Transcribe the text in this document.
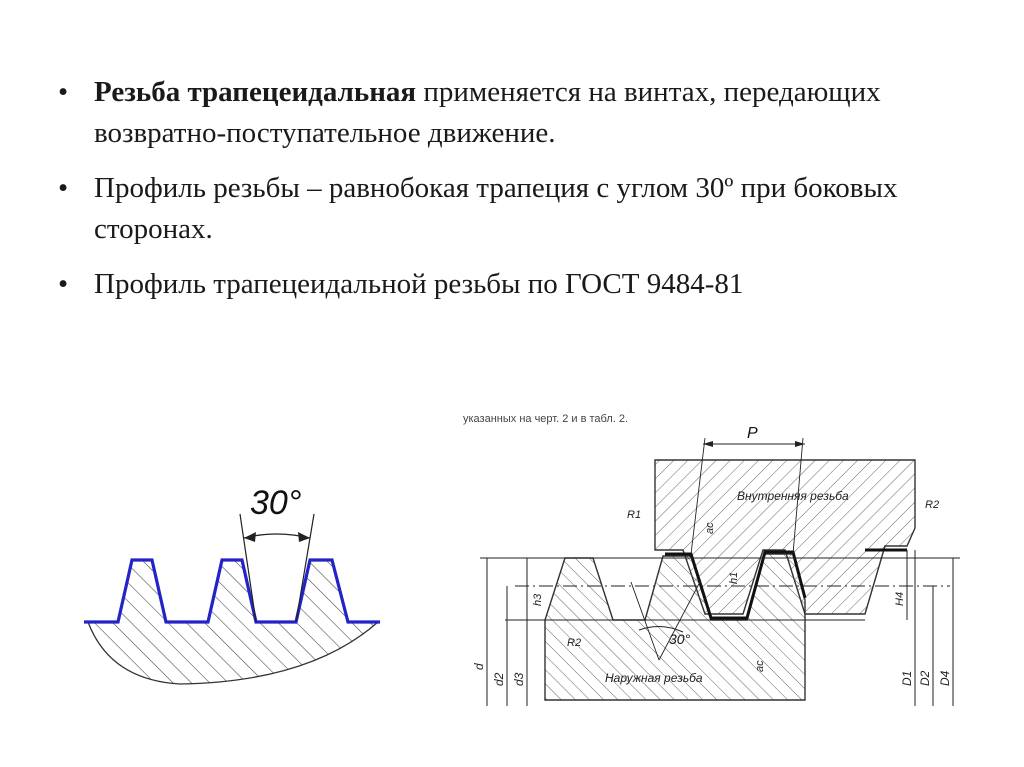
• Резьба трапецеидальная применяется на винтах, передающих возвратно-поступательное движение.
• Профиль резьбы – равнобокая трапеция с углом 30º при боковых сторонах.
• Профиль трапецеидальной резьбы по ГОСТ 9484-81
30°
указанных на черт. 2 и в табл. 2.
P
30°
Внутренняя резьба
Наружная резьба
R1
R2
R2
ac
ac
h1
h3	H4
d
d2 d3	D1 D2 D4
